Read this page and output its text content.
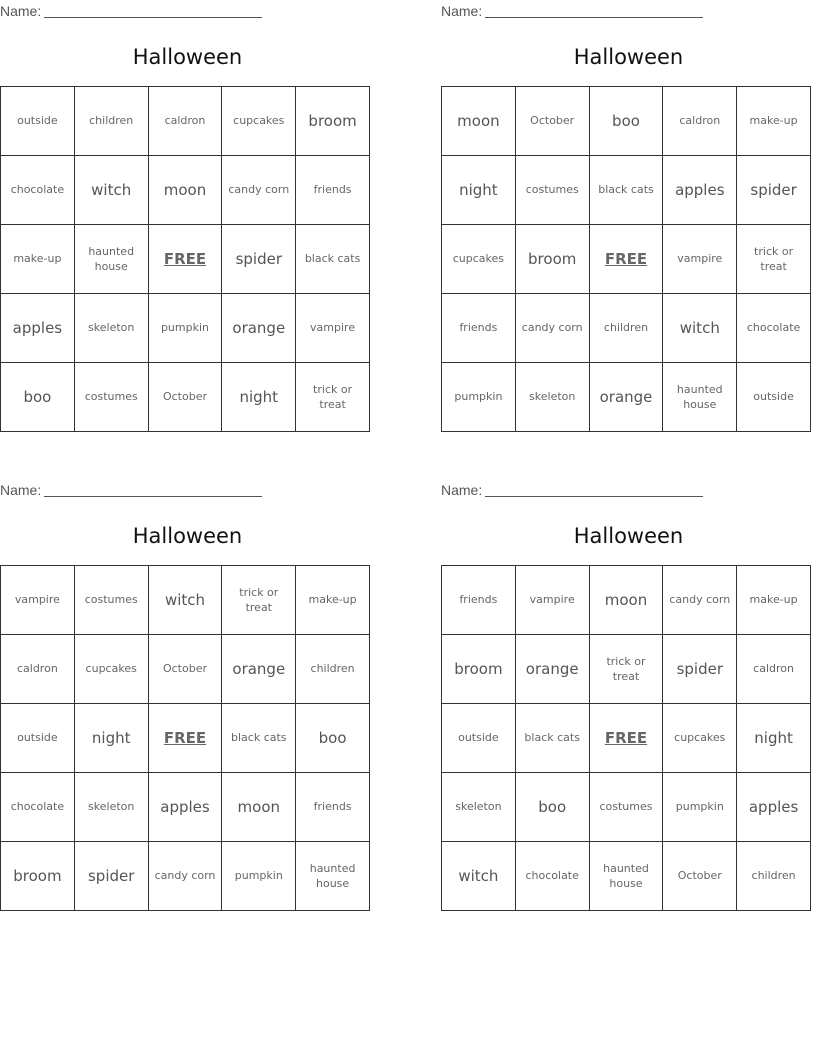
Name:
Halloween
outside	children	caldron	cupcakes	broom
chocolate	witch	moon	candy corn	friends
make-up	haunted house	FREE	spider	black cats
apples	skeleton	pumpkin	orange	vampire
boo	costumes	October	night	trick or treat
Name:
Halloween
moon	October	boo	caldron	make-up
night	costumes	black cats	apples	spider
cupcakes	broom	FREE	vampire	trick or treat
friends	candy corn	children	witch	chocolate
pumpkin	skeleton	orange	haunted house	outside
Name:
Halloween
vampire	costumes	witch	trick or treat	make-up
caldron	cupcakes	October	orange	children
outside	night	FREE	black cats	boo
chocolate	skeleton	apples	moon	friends
broom	spider	candy corn	pumpkin	haunted house
Name:
Halloween
friends	vampire	moon	candy corn	make-up
broom	orange	trick or treat	spider	caldron
outside	black cats	FREE	cupcakes	night
skeleton	boo	costumes	pumpkin	apples
witch	chocolate	haunted house	October	children
